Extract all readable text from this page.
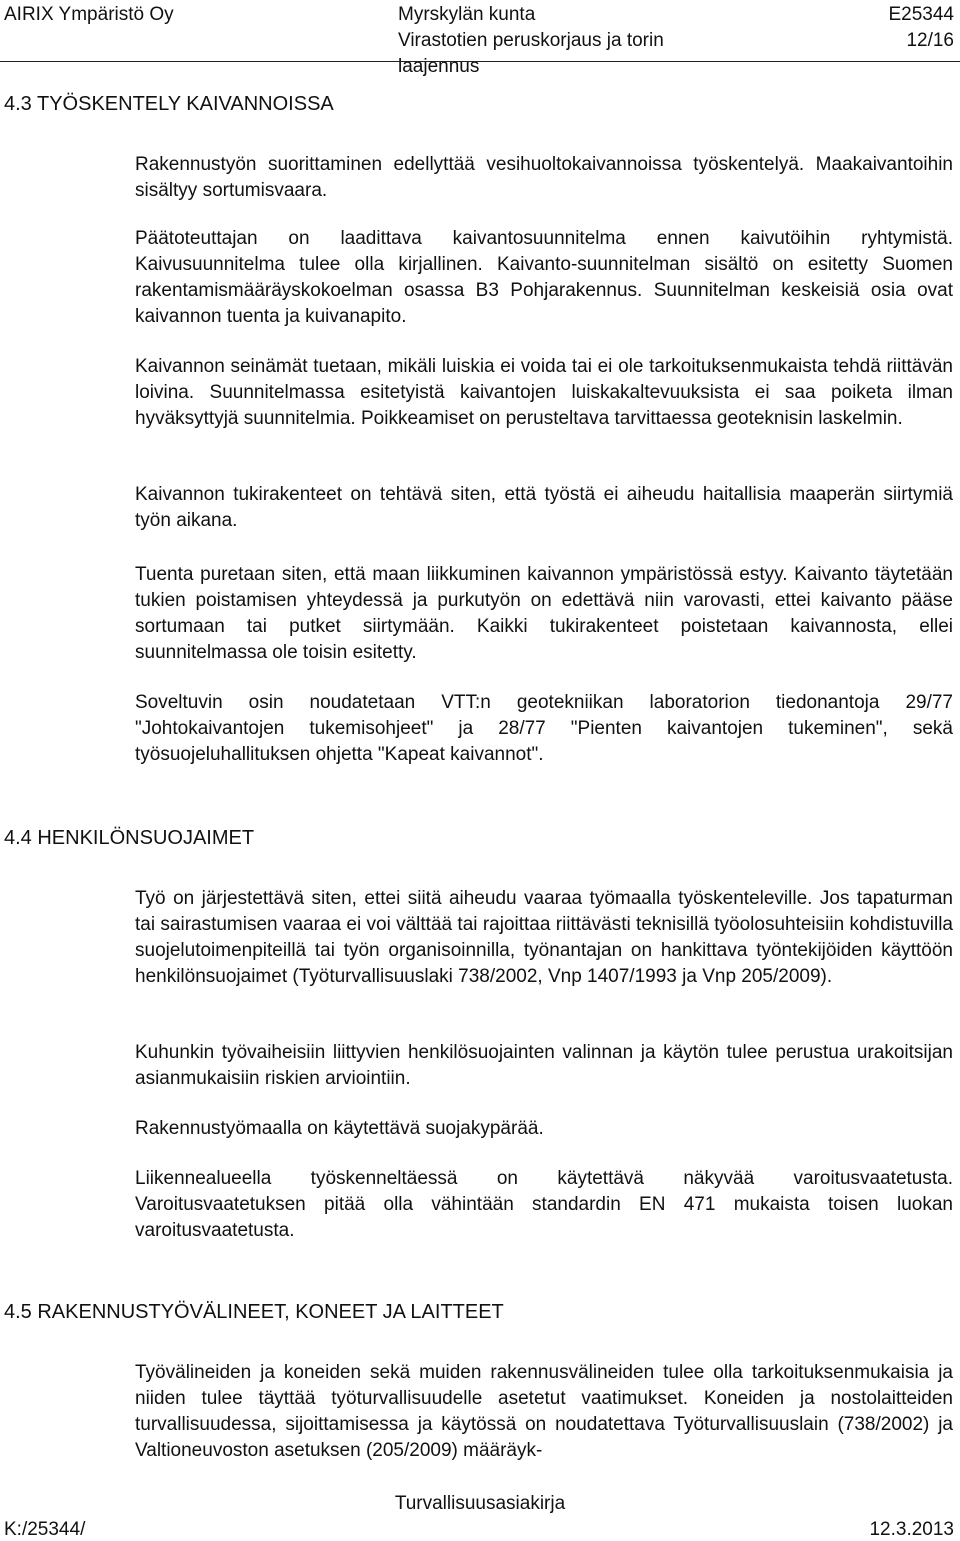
AIRIX Ympäristö Oy	Myrskylän kunta
Virastotien peruskorjaus ja torin laajennus
E25344
12/16
4.3 TYÖSKENTELY KAIVANNOISSA

Rakennustyön suorittaminen edellyttää vesihuoltokaivannoissa työskentelyä. Maakaivantoihin sisältyy sortumisvaara.

Päätoteuttajan on laadittava kaivantosuunnitelma ennen kaivutöihin ryhtymistä. Kaivusuunnitelma tulee olla kirjallinen. Kaivanto-suunnitelman sisältö on esitetty Suomen rakentamismääräyskokoelman osassa B3 Pohjarakennus. Suunnitelman keskeisiä osia ovat kaivannon tuenta ja kuivanapito.

Kaivannon seinämät tuetaan, mikäli luiskia ei voida tai ei ole tarkoituksenmukaista tehdä riittävän loivina. Suunnitelmassa esitetyistä kaivantojen luiskakaltevuuksista ei saa poiketa ilman hyväksyttyjä suunnitelmia. Poikkeamiset on perusteltava tarvittaessa geoteknisin laskelmin.

Kaivannon tukirakenteet on tehtävä siten, että työstä ei aiheudu haitallisia maaperän siirtymiä työn aikana.

Tuenta puretaan siten, että maan liikkuminen kaivannon ympäristössä estyy. Kaivanto täytetään tukien poistamisen yhteydessä ja purkutyön on edettävä niin varovasti, ettei kaivanto pääse sortumaan tai putket siirtymään. Kaikki tukirakenteet poistetaan kaivannosta, ellei suunnitelmassa ole toisin esitetty.

Soveltuvin osin noudatetaan VTT:n geotekniikan laboratorion tiedonantoja 29/77 "Johtokaivantojen tukemisohjeet" ja 28/77 "Pienten kaivantojen tukeminen", sekä työsuojeluhallituksen ohjetta "Kapeat kaivannot".

4.4 HENKILÖNSUOJAIMET

Työ on järjestettävä siten, ettei siitä aiheudu vaaraa työmaalla työskenteleville. Jos tapaturman tai sairastumisen vaaraa ei voi välttää tai rajoittaa riittävästi teknisillä työolosuhteisiin kohdistuvilla suojelutoimenpiteillä tai työn organisoinnilla, työnantajan on hankittava työntekijöiden käyttöön henkilönsuojaimet (Työturvallisuuslaki 738/2002, Vnp 1407/1993 ja Vnp 205/2009).

Kuhunkin työvaiheisiin liittyvien henkilösuojainten valinnan ja käytön tulee perustua urakoitsijan asianmukaisiin riskien arviointiin.

Rakennustyömaalla on käytettävä suojakypärää.

Liikennealueella työskenneltäessä on käytettävä näkyvää varoitusvaatetusta. Varoitusvaatetuksen pitää olla vähintään standardin EN 471 mukaista toisen luokan varoitusvaatetusta.

4.5 RAKENNUSTYÖVÄLINEET, KONEET JA LAITTEET

Työvälineiden ja koneiden sekä muiden rakennusvälineiden tulee olla tarkoituksenmukaisia ja niiden tulee täyttää työturvallisuudelle asetetut vaatimukset. Koneiden ja nostolaitteiden turvallisuudessa, sijoittamisessa ja käytössä on noudatettava Työturvallisuuslain (738/2002) ja Valtioneuvoston asetuksen (205/2009) määräyk-

Turvallisuusasiakirja
K:/25344/	12.3.2013
